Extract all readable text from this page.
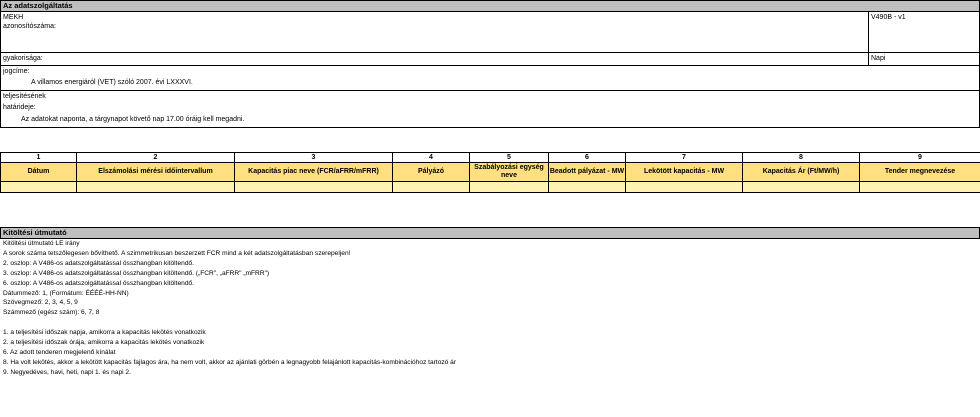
Az adatszolgáltatás
MEKH
azonosítószáma:
V490B - v1
gyakorisága:	Napi
jogcíme:
A villamos energiáról (VET) szóló 2007. évi LXXXVI.
teljesítésének
határideje:
Az adatokat naponta, a tárgynapot követő nap 17.00 óráig kell megadni.
1	2	3	4	5	6	7	8	9
Dátum	Elszámolási mérési időintervallum	Kapacitás piac neve (FCR/aFRR/mFRR)	Pályázó	Szabályozási egység neve	Beadott pályázat - MW	Lekötött kapacitás - MW	Kapacitás Ár (Ft/MW/h)	Tender megnevezése

Kitöltési útmutató
Kitöltési útmutató LE irány
A sorok száma tetszőlegesen bővíthető. A szimmetrikusan beszerzett FCR mind a két adatszolgáltatásban szerepeljen!
2. oszlop: A V486-os adatszolgáltatással összhangban kitöltendő.
3. oszlop: A V486-os adatszolgáltatással összhangban kitöltendő. („FCR", „aFRR" „mFRR")
6. oszlop: A V486-os adatszolgáltatással összhangban kitöltendő.
Dátummező: 1, (Formátum: ÉÉÉÉ-HH-NN)
Szövegmező: 2, 3, 4, 5, 9
Számmező (egész szám): 6, 7, 8
1. a teljesítési időszak napja, amikorra a kapacitás lekötés vonatkozik
2. a teljesítési időszak órája, amikorra a kapacitás lekötés vonatkozik
6. Az adott tenderen megjelenő kínálat
8. Ha volt lekötés, akkor a lekötött kapacitás fajlagos ára, ha nem volt, akkor az ajánlati görbén a legnagyobb felajánlott kapacitás-kombinációhoz tartozó ár
9. Negyedéves, havi, heti, napi 1. és napi 2.
